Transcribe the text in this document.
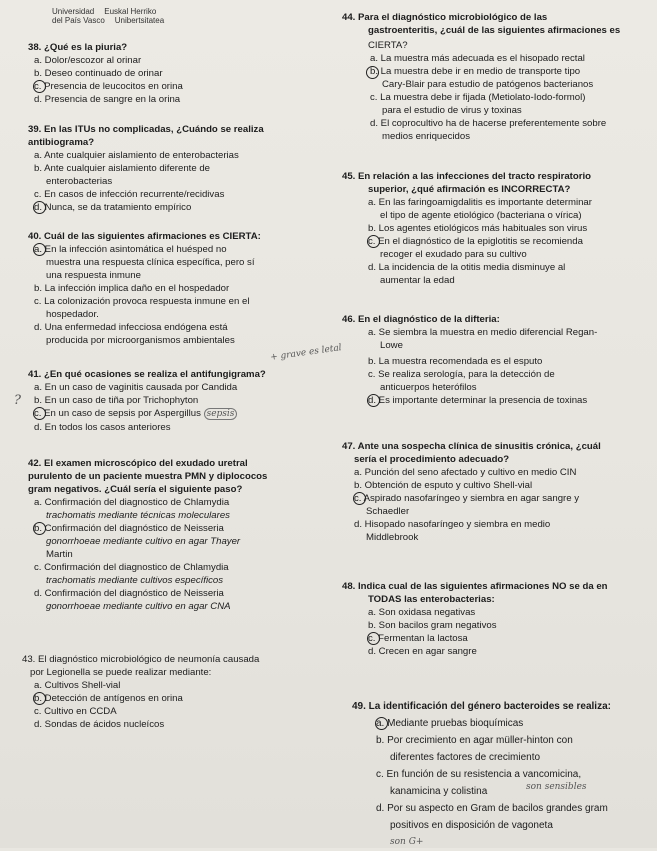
Universidad Euskal Herriko
del País Vasco Unibertsitatea
38. ¿Qué es la piuria?
a. Dolor/escozor al orinar
b. Deseo continuado de orinar
c. Presencia de leucocitos en orina
d. Presencia de sangre en la orina
39. En las ITUs no complicadas, ¿Cuándo se realiza
antibiograma?
a. Ante cualquier aislamiento de enterobacterias
b. Ante cualquier aislamiento diferente de
enterobacterias
c. En casos de infección recurrente/recidivas
d. Nunca, se da tratamiento empírico
40. Cuál de las siguientes afirmaciones es CIERTA:
a. En la infección asintomática el huésped no
muestra una respuesta clínica específica, pero sí
una respuesta inmune
b. La infección implica daño en el hospedador
c. La colonización provoca respuesta inmune en el
hospedador.
d. Una enfermedad infecciosa endógena está
producida por microorganismos ambientales
+ grave es letal
41. ¿En qué ocasiones se realiza el antifungigrama?
a. En un caso de vaginitis causada por Candida
b. En un caso de tiña por Trichophyton
c. En un caso de sepsis por Aspergillus sepsis
d. En todos los casos anteriores
?
42. El examen microscópico del exudado uretral
purulento de un paciente muestra PMN y diplococos
gram negativos. ¿Cuál sería el siguiente paso?
a. Confirmación del diagnostico de Chlamydia
trachomatis mediante técnicas moleculares
b. Confirmación del diagnóstico de Neisseria
gonorrhoeae mediante cultivo en agar Thayer
Martin
c. Confirmación del diagnostico de Chlamydia
trachomatis mediante cultivos específicos
d. Confirmación del diagnóstico de Neisseria
gonorrhoeae mediante cultivo en agar CNA
43. El diagnóstico microbiológico de neumonía causada
por Legionella se puede realizar mediante:
a. Cultivos Shell-vial
b. Detección de antígenos en orina
c. Cultivo en CCDA
d. Sondas de ácidos nucleícos
44. Para el diagnóstico microbiológico de las
gastroenteritis, ¿cuál de las siguientes afirmaciones es
CIERTA?
a. La muestra más adecuada es el hisopado rectal
b. La muestra debe ir en medio de transporte tipo
Cary-Blair para estudio de patógenos bacterianos
c. La muestra debe ir fijada (Metiolato-Iodo-formol)
para el estudio de virus y toxinas
d. El coprocultivo ha de hacerse preferentemente sobre
medios enriquecidos
45. En relación a las infecciones del tracto respiratorio
superior, ¿qué afirmación es INCORRECTA?
a. En las faringoamigdalitis es importante determinar
el tipo de agente etiológico (bacteriana o vírica)
b. Los agentes etiológicos más habituales son virus
c. En el diagnóstico de la epiglotitis se recomienda
recoger el exudado para su cultivo
d. La incidencia de la otitis media disminuye al
aumentar la edad
46. En el diagnóstico de la difteria:
a. Se siembra la muestra en medio diferencial Regan-
Lowe
b. La muestra recomendada es el esputo
c. Se realiza serología, para la detección de
anticuerpos heterófilos
d. Es importante determinar la presencia de toxinas
47. Ante una sospecha clínica de sinusitis crónica, ¿cuál
sería el procedimiento adecuado?
a. Punción del seno afectado y cultivo en medio CIN
b. Obtención de esputo y cultivo Shell-vial
c. Aspirado nasofaríngeo y siembra en agar sangre y
Schaedler
d. Hisopado nasofaríngeo y siembra en medio
Middlebrook
48. Indica cual de las siguientes afirmaciones NO se da en
TODAS las enterobacterias:
a. Son oxidasa negativas
b. Son bacilos gram negativos
c. Fermentan la lactosa
d. Crecen en agar sangre
49. La identificación del género bacteroides se realiza:
a. Mediante pruebas bioquímicas
b. Por crecimiento en agar müller-hinton con
diferentes factores de crecimiento
c. En función de su resistencia a vancomicina,
kanamicina y colistina	son sensibles
d. Por su aspecto en Gram de bacilos grandes gram
positivos en disposición de vagoneta
son G+
